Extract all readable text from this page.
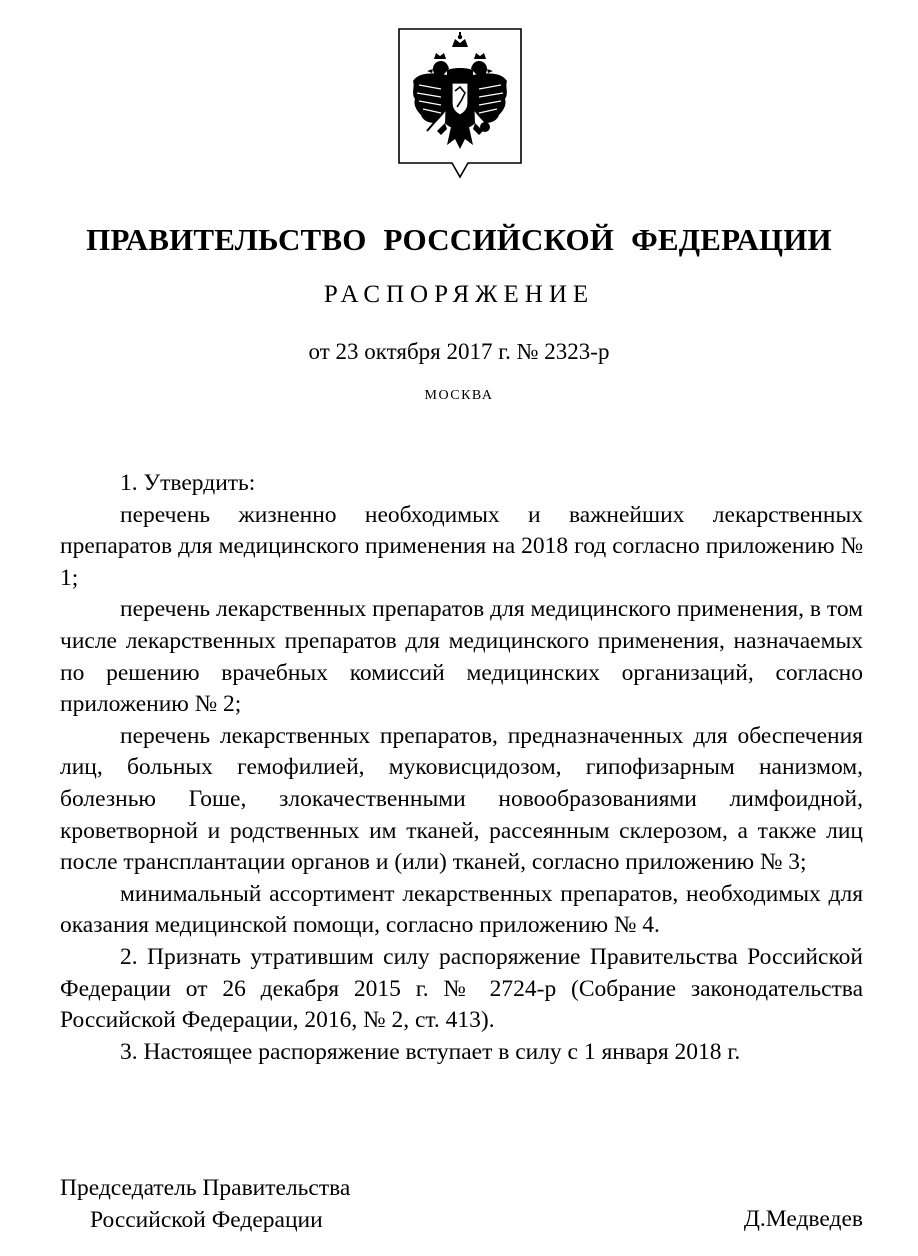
ПРАВИТЕЛЬСТВО РОССИЙСКОЙ ФЕДЕРАЦИИ
РАСПОРЯЖЕНИЕ
от 23 октября 2017 г. № 2323-р
МОСКВА

1. Утвердить:

перечень жизненно необходимых и важнейших лекарственных препаратов для медицинского применения на 2018 год согласно приложению № 1;

перечень лекарственных препаратов для медицинского применения, в том числе лекарственных препаратов для медицинского применения, назначаемых по решению врачебных комиссий медицинских организаций, согласно приложению № 2;

перечень лекарственных препаратов, предназначенных для обеспечения лиц, больных гемофилией, муковисцидозом, гипофизарным нанизмом, болезнью Гоше, злокачественными новообразованиями лимфоидной, кроветворной и родственных им тканей, рассеянным склерозом, а также лиц после трансплантации органов и (или) тканей, согласно приложению № 3;

минимальный ассортимент лекарственных препаратов, необходимых для оказания медицинской помощи, согласно приложению № 4.

2. Признать утратившим силу распоряжение Правительства Российской Федерации от 26 декабря 2015 г. № 2724-р (Собрание законодательства Российской Федерации, 2016, № 2, ст. 413).

3. Настоящее распоряжение вступает в силу с 1 января 2018 г.

Председатель Правительства
Российской Федерации	Д.Медведев
